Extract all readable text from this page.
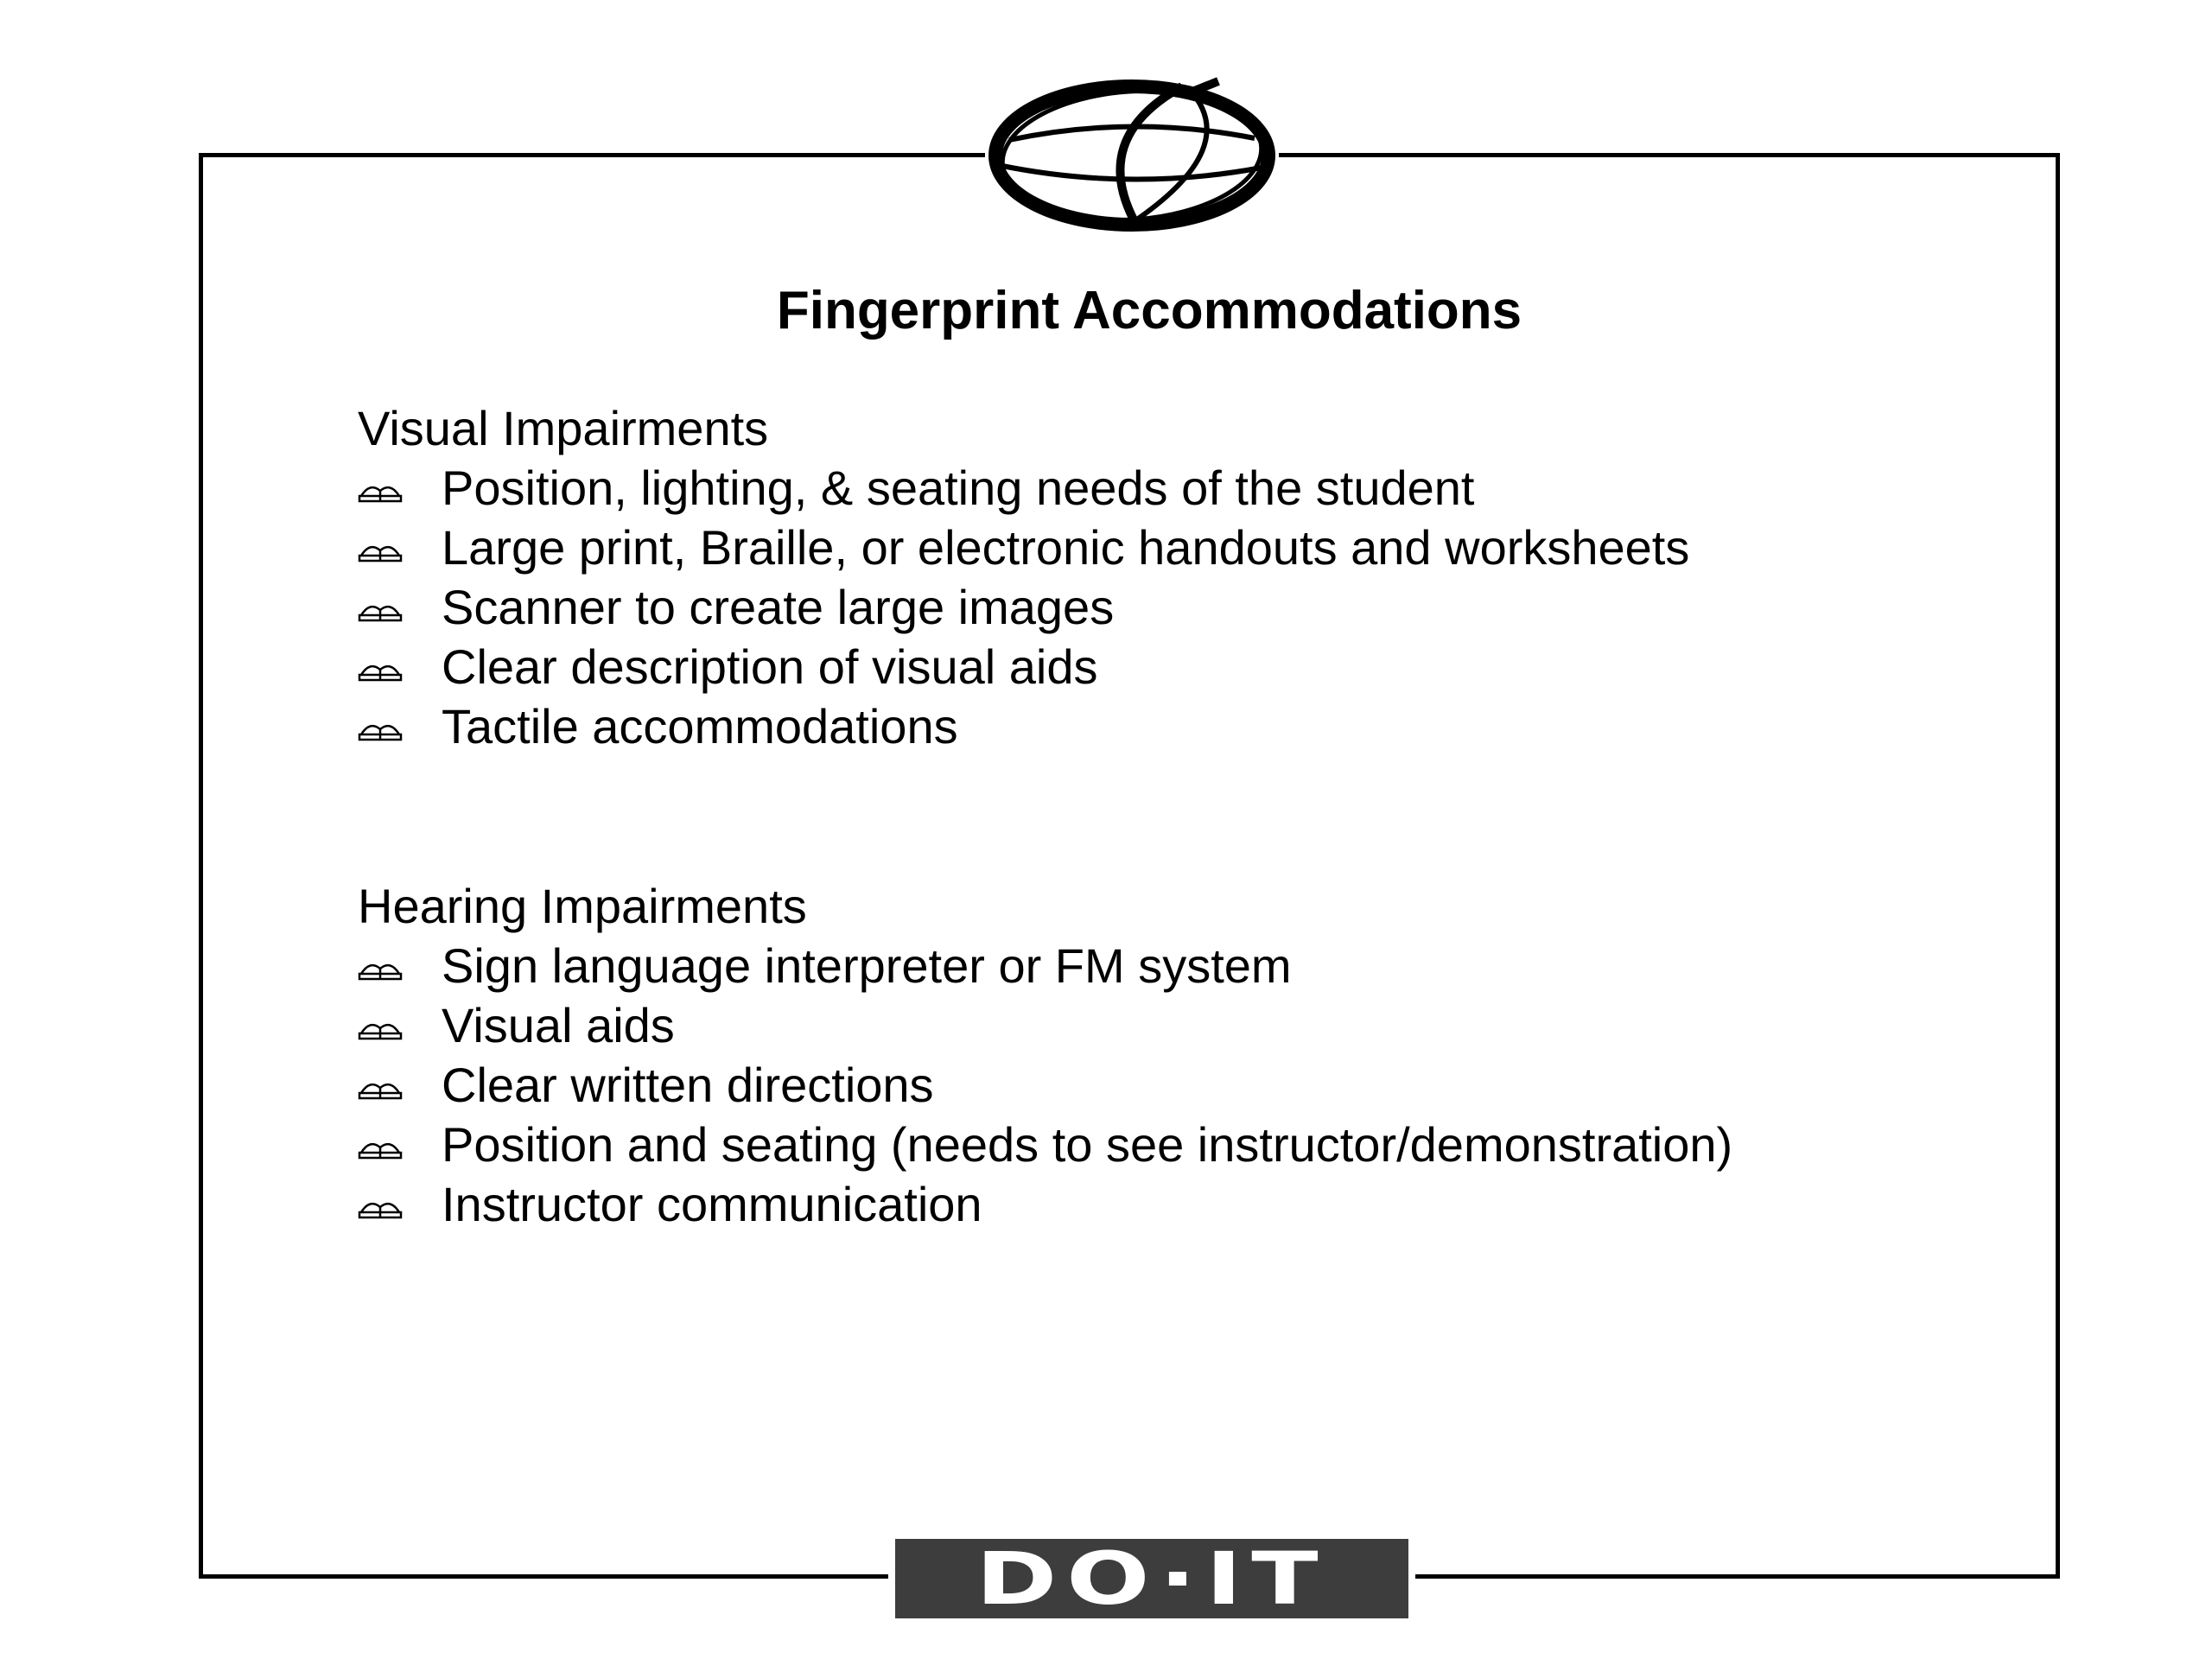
Fingerprint Accommodations
Visual Impairments
Position, lighting, & seating needs of the student
Large print, Braille, or electronic handouts and worksheets
Scanner to create large images
Clear description of visual aids
Tactile accommodations
Hearing Impairments
Sign language interpreter or FM system
Visual aids
Clear written directions
Position and seating (needs to see instructor/demonstration)
Instructor communication
DO·IT
